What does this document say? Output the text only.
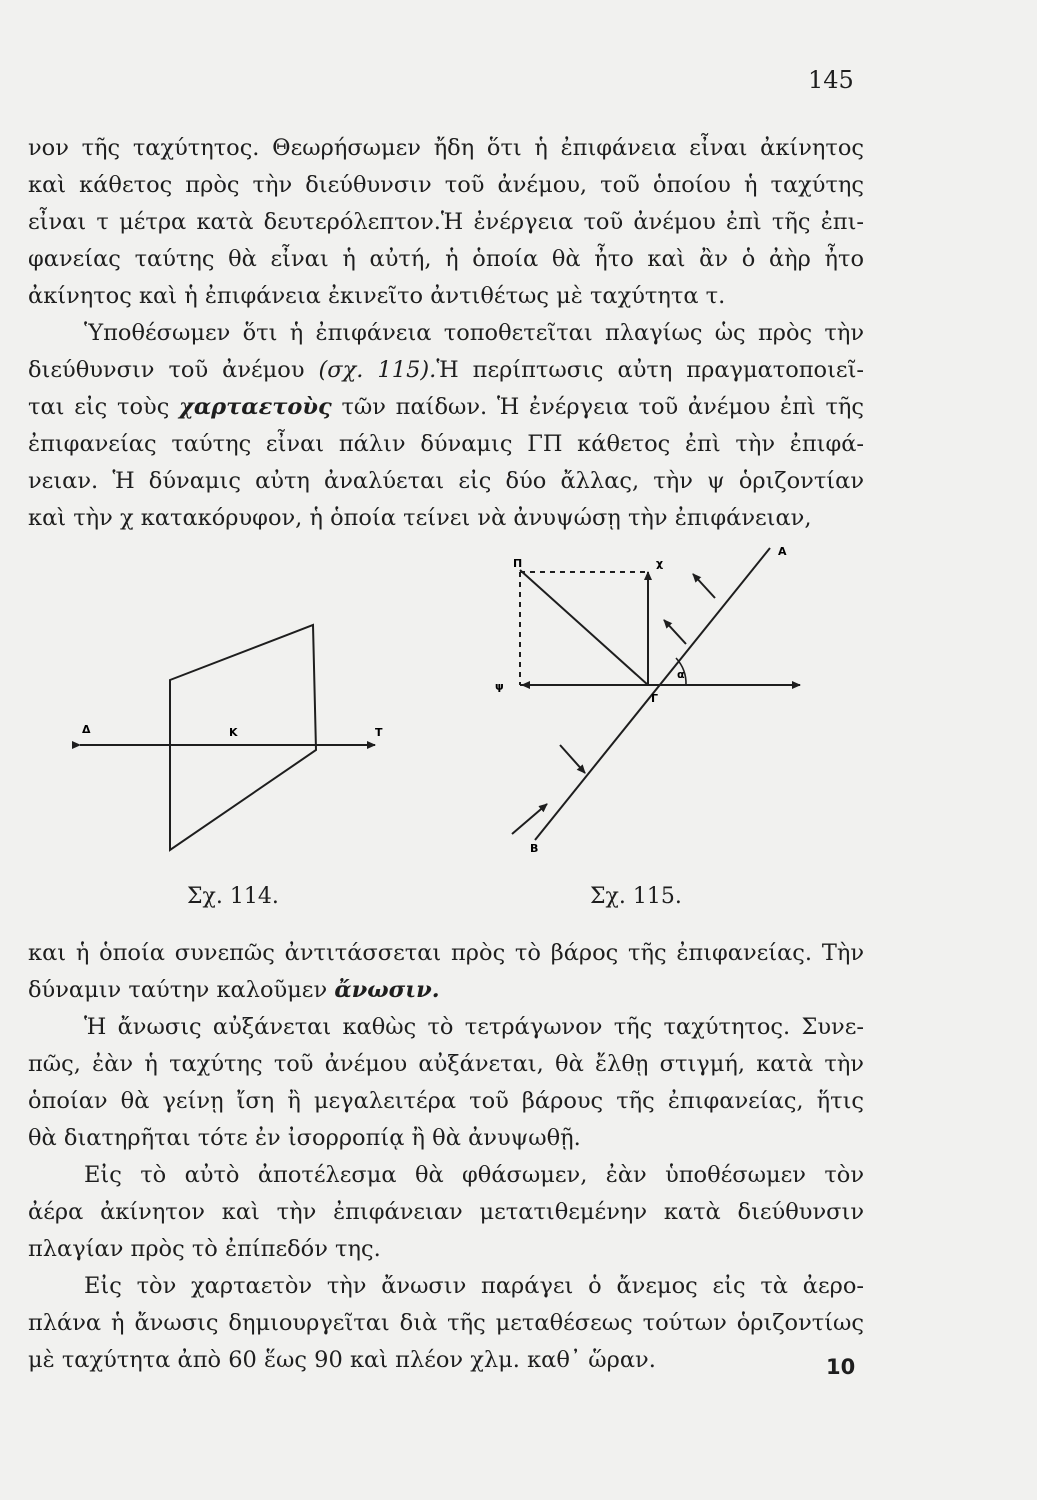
145
νον τῆς ταχύτητος. Θεωρήσωμεν ἤδη ὅτι ἡ ἐπιφάνεια εἶναι ἀκίνητος
καὶ κάθετος πρὸς τὴν διεύθυνσιν τοῦ ἀνέμου, τοῦ ὁποίου ἡ ταχύτης
εἶναι τ μέτρα κατὰ δευτερόλεπτον.Ἡ ἐνέργεια τοῦ ἀνέμου ἐπὶ τῆς ἐπι-
φανείας ταύτης θὰ εἶναι ἡ αὐτή, ἡ ὁποία θὰ ἦτο καὶ ἂν ὁ ἀὴρ ἦτο
ἀκίνητος καὶ ἡ ἐπιφάνεια ἐκινεῖτο ἀντιθέτως μὲ ταχύτητα τ.
Ὑποθέσωμεν ὅτι ἡ ἐπιφάνεια τοποθετεῖται πλαγίως ὡς πρὸς τὴν
διεύθυνσιν τοῦ ἀνέμου (σχ. 115).Ἡ περίπτωσις αὐτη πραγματοποιεῖ-
ται εἰς τοὺς χαρταετοὺς τῶν παίδων. Ἡ ἐνέργεια τοῦ ἀνέμου ἐπὶ τῆς
ἐπιφανείας ταύτης εἶναι πάλιν δύναμις ΓΠ κάθετος ἐπὶ τὴν ἐπιφά-
νειαν. Ἡ δύναμις αὐτη ἀναλύεται εἰς δύο ἄλλας, τὴν ψ ὁριζοντίαν
καὶ τὴν χ κατακόρυφον, ἡ ὁποία τείνει νὰ ἀνυψώσῃ τὴν ἐπιφάνειαν,
Δ	Κ	Τ
Π	χ
Α
Β
Γ
ψ
α
Σχ. 114.	Σχ. 115.
και ἡ ὁποία συνεπῶς ἀντιτάσσεται πρὸς τὸ βάρος τῆς ἐπιφανείας. Τὴν
δύναμιν ταύτην καλοῦμεν ἄνωσιν.
Ἡ ἄνωσις αὐξάνεται καθὼς τὸ τετράγωνον τῆς ταχύτητος. Συνε-
πῶς, ἐὰν ἡ ταχύτης τοῦ ἀνέμου αὐξάνεται, θὰ ἔλθῃ στιγμή, κατὰ τὴν
ὁποίαν θὰ γείνῃ ἴση ἢ μεγαλειτέρα τοῦ βάρους τῆς ἐπιφανείας, ἥτις
θὰ διατηρῆται τότε ἐν ἰσορροπίᾳ ἢ θὰ ἀνυψωθῇ.
Εἰς τὸ αὐτὸ ἀποτέλεσμα θὰ φθάσωμεν, ἐὰν ὑποθέσωμεν τὸν
ἀέρα ἀκίνητον καὶ τὴν ἐπιφάνειαν μετατιθεμένην κατὰ διεύθυνσιν
πλαγίαν πρὸς τὸ ἐπίπεδόν της.
Εἰς τὸν χαρταετὸν τὴν ἄνωσιν παράγει ὁ ἄνεμος εἰς τὰ ἀερο-
πλάνα ἡ ἄνωσις δημιουργεῖται διὰ τῆς μεταθέσεως τούτων ὁριζοντίως
μὲ ταχύτητα ἀπὸ 60 ἕως 90 καὶ πλέον χλμ. καθ᾿ ὥραν.	10
